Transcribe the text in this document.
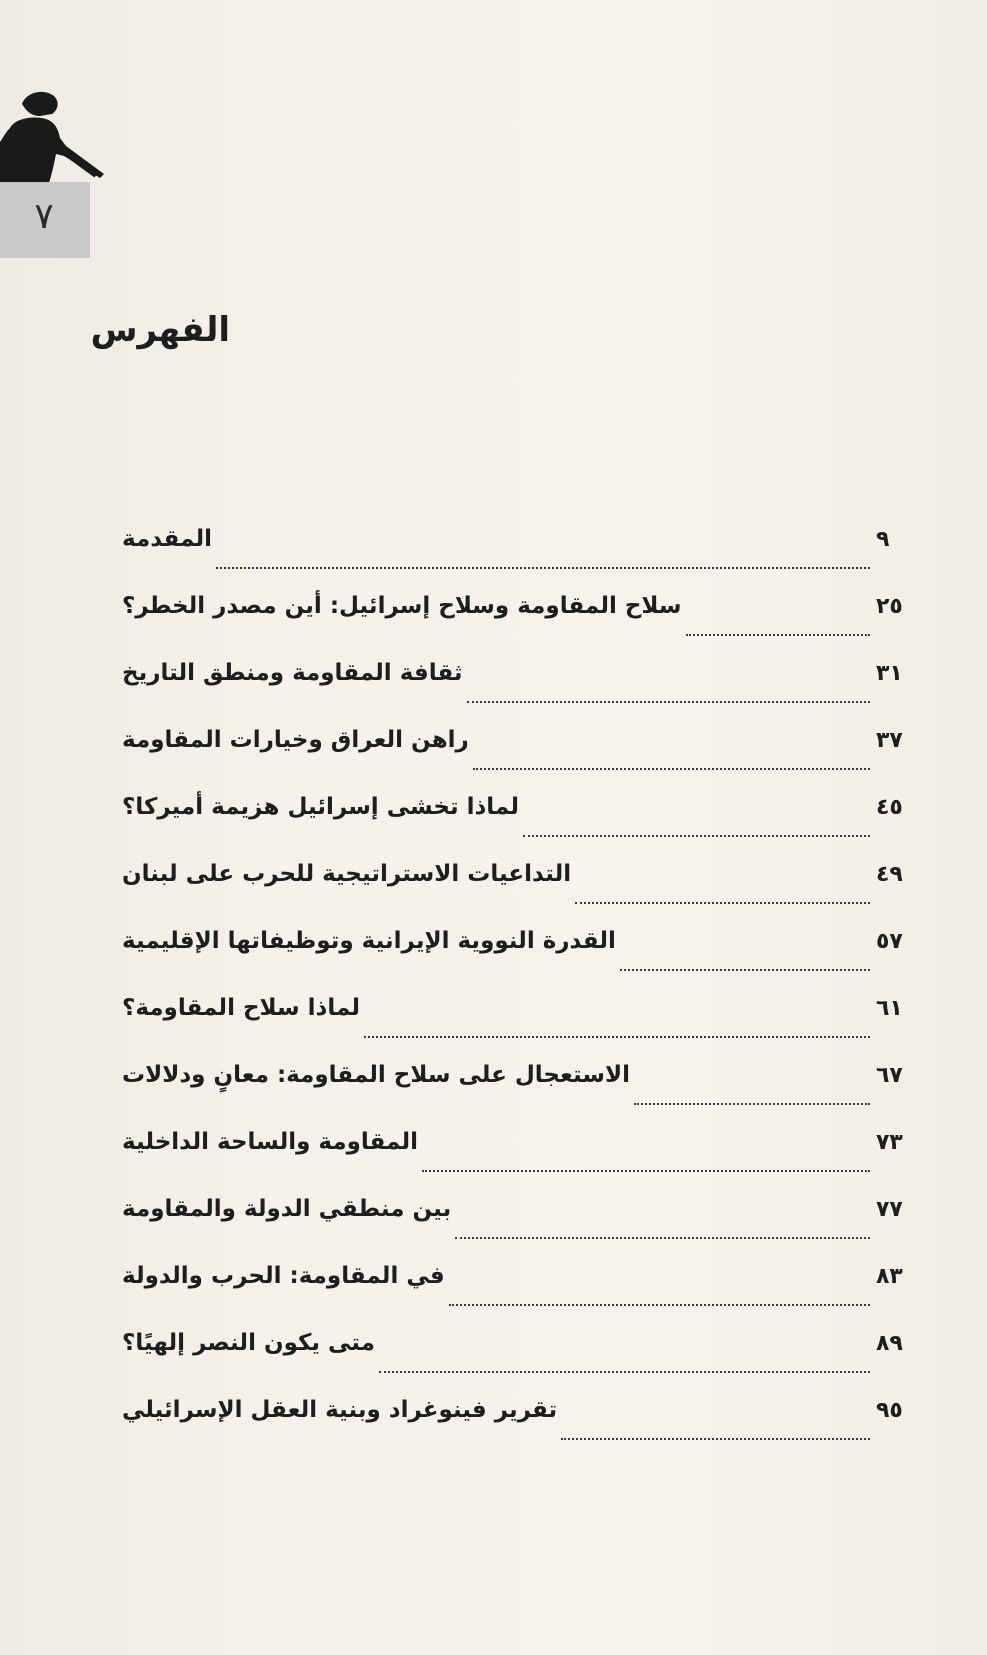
٧
الفهرس
المقدمة	٩
سلاح المقاومة وسلاح إسرائيل: أين مصدر الخطر؟	٢٥
ثقافة المقاومة ومنطق التاريخ	٣١
راهن العراق وخيارات المقاومة	٣٧
لماذا تخشى إسرائيل هزيمة أميركا؟	٤٥
التداعيات الاستراتيجية للحرب على لبنان	٤٩
القدرة النووية الإيرانية وتوظيفاتها الإقليمية	٥٧
لماذا سلاح المقاومة؟	٦١
الاستعجال على سلاح المقاومة: معانٍ ودلالات	٦٧
المقاومة والساحة الداخلية	٧٣
بين منطقي الدولة والمقاومة	٧٧
في المقاومة: الحرب والدولة	٨٣
متى يكون النصر إلهيًا؟	٨٩
تقرير فينوغراد وبنية العقل الإسرائيلي	٩٥
